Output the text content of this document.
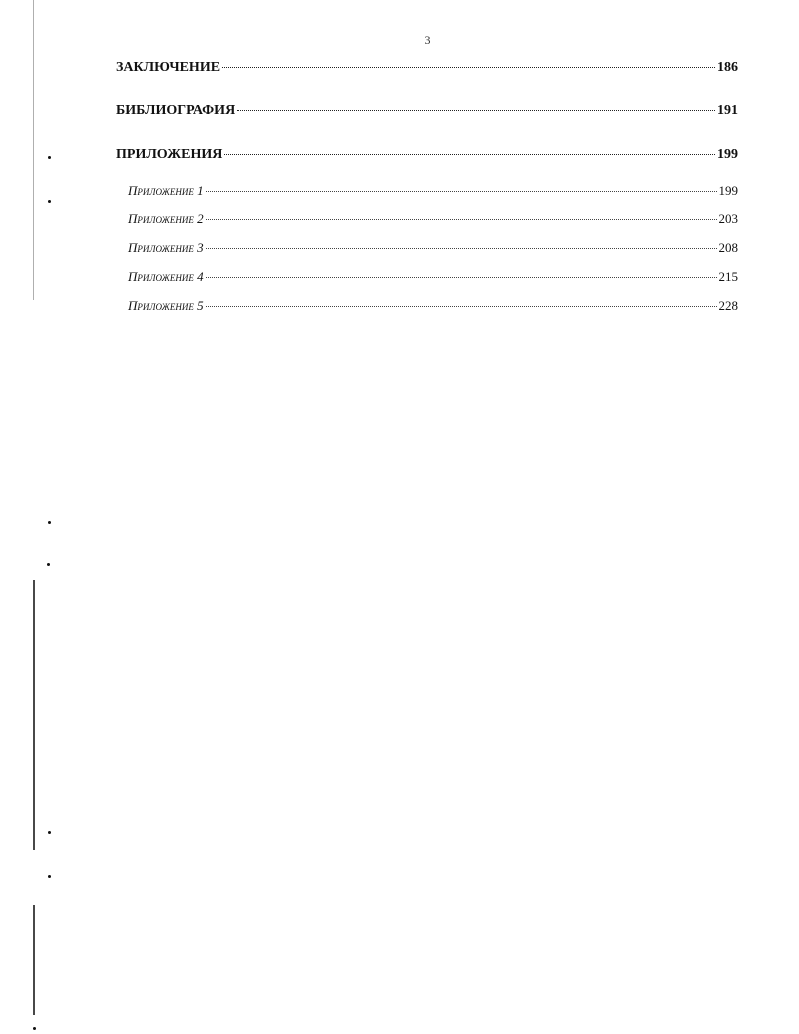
3
ЗАКЛЮЧЕНИЕ	186
БИБЛИОГРАФИЯ	191
ПРИЛОЖЕНИЯ	199
Приложение 1	199
Приложение 2	203
Приложение 3	208
Приложение 4	215
Приложение 5	228
